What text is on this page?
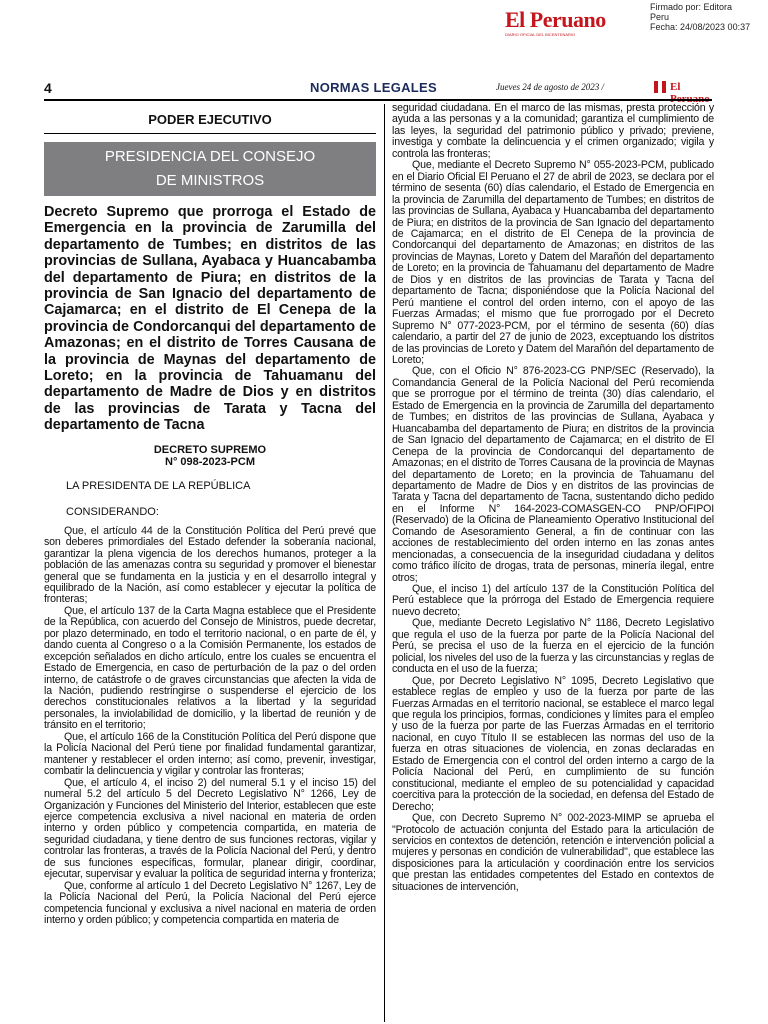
Firmado por: Editora
Peru
Fecha: 24/08/2023 00:37
El Peruano
DIARIO OFICIAL DEL BICENTENARIO
4	NORMAS LEGALES	Jueves 24 de agosto de 2023 /	El Peruano
PODER EJECUTIVO
PRESIDENCIA DEL CONSEJO
DE MINISTROS
Decreto Supremo que prorroga el Estado de Emergencia en la provincia de Zarumilla del departamento de Tumbes; en distritos de las provincias de Sullana, Ayabaca y Huancabamba del departamento de Piura; en distritos de la provincia de San Ignacio del departamento de Cajamarca; en el distrito de El Cenepa de la provincia de Condorcanqui del departamento de Amazonas; en el distrito de Torres Causana de la provincia de Maynas del departamento de Loreto; en la provincia de Tahuamanu del departamento de Madre de Dios y en distritos de las provincias de Tarata y Tacna del departamento de Tacna
DECRETO SUPREMO
N° 098-2023-PCM
LA PRESIDENTA DE LA REPÚBLICA
CONSIDERANDO:

Que, el artículo 44 de la Constitución Política del Perú prevé que son deberes primordiales del Estado defender la soberanía nacional, garantizar la plena vigencia de los derechos humanos, proteger a la población de las amenazas contra su seguridad y promover el bienestar general que se fundamenta en la justicia y en el desarrollo integral y equilibrado de la Nación, así como establecer y ejecutar la política de fronteras;

Que, el artículo 137 de la Carta Magna establece que el Presidente de la República, con acuerdo del Consejo de Ministros, puede decretar, por plazo determinado, en todo el territorio nacional, o en parte de él, y dando cuenta al Congreso o a la Comisión Permanente, los estados de excepción señalados en dicho artículo, entre los cuales se encuentra el Estado de Emergencia, en caso de perturbación de la paz o del orden interno, de catástrofe o de graves circunstancias que afecten la vida de la Nación, pudiendo restringirse o suspenderse el ejercicio de los derechos constitucionales relativos a la libertad y la seguridad personales, la inviolabilidad de domicilio, y la libertad de reunión y de tránsito en el territorio;

Que, el artículo 166 de la Constitución Política del Perú dispone que la Policía Nacional del Perú tiene por finalidad fundamental garantizar, mantener y restablecer el orden interno; así como, prevenir, investigar, combatir la delincuencia y vigilar y controlar las fronteras;

Que, el artículo 4, el inciso 2) del numeral 5.1 y el inciso 15) del numeral 5.2 del artículo 5 del Decreto Legislativo N° 1266, Ley de Organización y Funciones del Ministerio del Interior, establecen que este ejerce competencia exclusiva a nivel nacional en materia de orden interno y orden público y competencia compartida, en materia de seguridad ciudadana, y tiene dentro de sus funciones rectoras, vigilar y controlar las fronteras, a través de la Policía Nacional del Perú, y dentro de sus funciones específicas, formular, planear dirigir, coordinar, ejecutar, supervisar y evaluar la política de seguridad interna y fronteriza;

Que, conforme al artículo 1 del Decreto Legislativo N° 1267, Ley de la Policía Nacional del Perú, la Policía Nacional del Perú ejerce competencia funcional y exclusiva a nivel nacional en materia de orden interno y orden público; y competencia compartida en materia de

seguridad ciudadana. En el marco de las mismas, presta protección y ayuda a las personas y a la comunidad; garantiza el cumplimiento de las leyes, la seguridad del patrimonio público y privado; previene, investiga y combate la delincuencia y el crimen organizado; vigila y controla las fronteras;

Que, mediante el Decreto Supremo N° 055-2023-PCM, publicado en el Diario Oficial El Peruano el 27 de abril de 2023, se declara por el término de sesenta (60) días calendario, el Estado de Emergencia en la provincia de Zarumilla del departamento de Tumbes; en distritos de las provincias de Sullana, Ayabaca y Huancabamba del departamento de Piura; en distritos de la provincia de San Ignacio del departamento de Cajamarca; en el distrito de El Cenepa de la provincia de Condorcanqui del departamento de Amazonas; en distritos de las provincias de Maynas, Loreto y Datem del Marañón del departamento de Loreto; en la provincia de Tahuamanu del departamento de Madre de Dios y en distritos de las provincias de Tarata y Tacna del departamento de Tacna; disponiéndose que la Policía Nacional del Perú mantiene el control del orden interno, con el apoyo de las Fuerzas Armadas; el mismo que fue prorrogado por el Decreto Supremo N° 077-2023-PCM, por el término de sesenta (60) días calendario, a partir del 27 de junio de 2023, exceptuando los distritos de las provincias de Loreto y Datem del Marañón del departamento de Loreto;

Que, con el Oficio N° 876-2023-CG PNP/SEC (Reservado), la Comandancia General de la Policía Nacional del Perú recomienda que se prorrogue por el término de treinta (30) días calendario, el Estado de Emergencia en la provincia de Zarumilla del departamento de Tumbes; en distritos de las provincias de Sullana, Ayabaca y Huancabamba del departamento de Piura; en distritos de la provincia de San Ignacio del departamento de Cajamarca; en el distrito de El Cenepa de la provincia de Condorcanqui del departamento de Amazonas; en el distrito de Torres Causana de la provincia de Maynas del departamento de Loreto; en la provincia de Tahuamanu del departamento de Madre de Dios y en distritos de las provincias de Tarata y Tacna del departamento de Tacna, sustentando dicho pedido en el Informe N° 164-2023-COMASGEN-CO PNP/OFIPOI (Reservado) de la Oficina de Planeamiento Operativo Institucional del Comando de Asesoramiento General, a fin de continuar con las acciones de restablecimiento del orden interno en las zonas antes mencionadas, a consecuencia de la inseguridad ciudadana y delitos como tráfico ilícito de drogas, trata de personas, minería ilegal, entre otros;

Que, el inciso 1) del artículo 137 de la Constitución Política del Perú establece que la prórroga del Estado de Emergencia requiere nuevo decreto;

Que, mediante Decreto Legislativo N° 1186, Decreto Legislativo que regula el uso de la fuerza por parte de la Policía Nacional del Perú, se precisa el uso de la fuerza en el ejercicio de la función policial, los niveles del uso de la fuerza y las circunstancias y reglas de conducta en el uso de la fuerza;

Que, por Decreto Legislativo N° 1095, Decreto Legislativo que establece reglas de empleo y uso de la fuerza por parte de las Fuerzas Armadas en el territorio nacional, se establece el marco legal que regula los principios, formas, condiciones y límites para el empleo y uso de la fuerza por parte de las Fuerzas Armadas en el territorio nacional, en cuyo Título II se establecen las normas del uso de la fuerza en otras situaciones de violencia, en zonas declaradas en Estado de Emergencia con el control del orden interno a cargo de la Policía Nacional del Perú, en cumplimiento de su función constitucional, mediante el empleo de su potencialidad y capacidad coercitiva para la protección de la sociedad, en defensa del Estado de Derecho;

Que, con Decreto Supremo N° 002-2023-MIMP se aprueba el "Protocolo de actuación conjunta del Estado para la articulación de servicios en contextos de detención, retención e intervención policial a mujeres y personas en condición de vulnerabilidad", que establece las disposiciones para la articulación y coordinación entre los servicios que prestan las entidades competentes del Estado en contextos de situaciones de intervención,
